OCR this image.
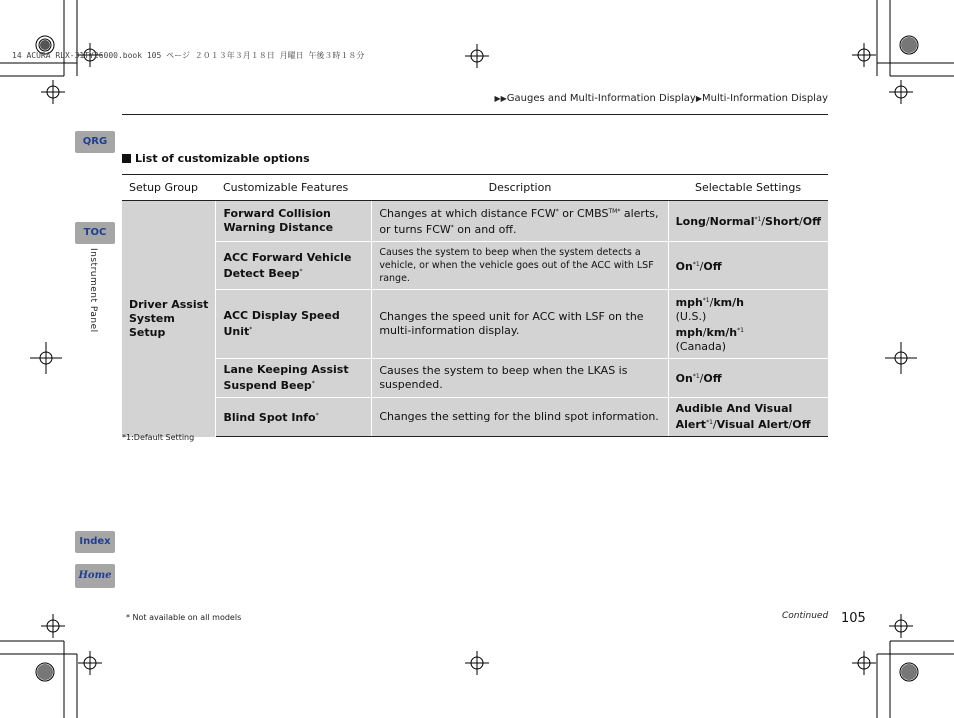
14 ACURA RLX-31TY26000.book 105 ページ ２０１３年３月１８日 月曜日 午後３時１８分
▶▶Gauges and Multi-Information Display▶Multi-Information Display
QRG
TOC
Instrument Panel
Index
Home
List of customizable options
Setup Group	Customizable Features	Description	Selectable Settings
Driver Assist System Setup	Forward Collision Warning Distance	Changes at which distance FCW* or $CMBS^{TM*}$ alerts, or turns FCW* on and off.	Long/Normal$^{*1}$/Short/Off
	ACC Forward Vehicle Detect Beep*	Causes the system to beep when the system detects a vehicle, or when the vehicle goes out of the ACC with LSF range.	On$^{*1}$/Off
	ACC Display Speed Unit*	Changes the speed unit for ACC with LSF on the multi-information display.	mph$^{*1}$/km/h
(U.S.)
mph/$km/h^{*1}$
(Canada)
	Lane Keeping Assist Suspend Beep*	Causes the system to beep when the LKAS is suspended.	On$^{*1}$/Off
	Blind Spot Info*	Changes the setting for the blind spot information.	Audible And Visual Alert$^{*1}$/Visual Alert/Off
*1:Default Setting
* Not available on all models	Continued 105
